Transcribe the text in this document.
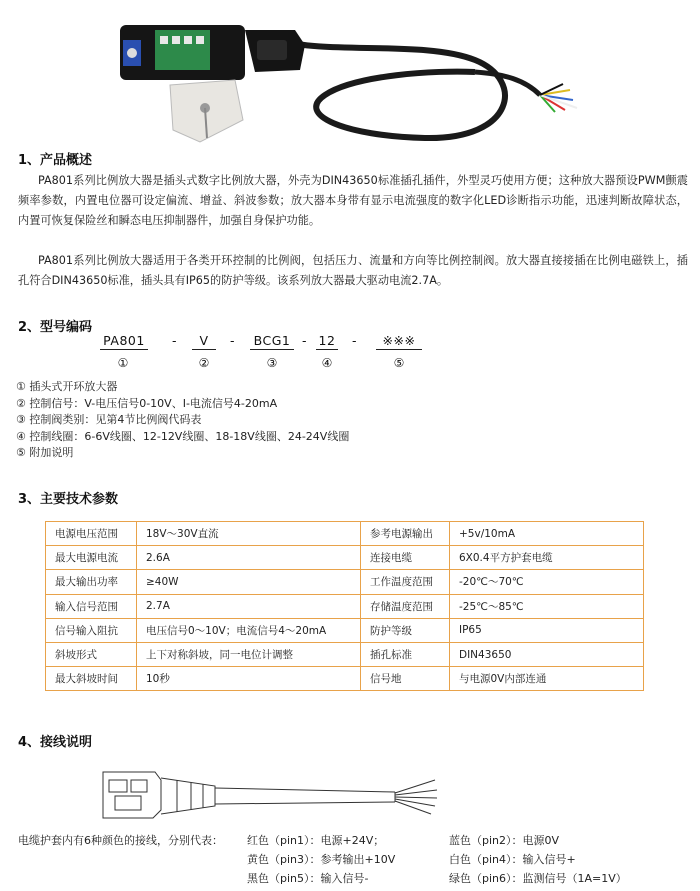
1、产品概述
PA801系列比例放大器是插头式数字比例放大器，外壳为DIN43650标准插孔插件，外型灵巧使用方便；这种放大器预设PWM颤震频率参数，内置电位器可设定偏流、增益、斜波参数；放大器本身带有显示电流强度的数字化LED诊断指示功能，迅速判断故障状态，内置可恢复保险丝和瞬态电压抑制器件，加强自身保护功能。
PA801系列比例放大器适用于各类开环控制的比例阀，包括压力、流量和方向等比例控制阀。放大器直接接插在比例电磁铁上，插孔符合DIN43650标准，插头具有IP65的防护等级。该系列放大器最大驱动电流2.7A。
2、型号编码
PA801 -	V	- BCG1 - 12 -	※※※
①	②	③	④	⑤
① 插头式开环放大器
② 控制信号：V-电压信号0-10V、I-电流信号4-20mA
③ 控制阀类别：见第4节比例阀代码表
④ 控制线圈：6-6V线圈、12-12V线圈、18-18V线圈、24-24V线圈
⑤ 附加说明
3、主要技术参数
电源电压范围	18V～30V直流	参考电源输出	+5v/10mA
最大电源电流	2.6A	连接电缆	6X0.4平方护套电缆
最大输出功率	≥40W	工作温度范围	-20℃～70℃
输入信号范围	2.7A	存储温度范围	-25℃～85℃
信号输入阻抗	电压信号0～10V；电流信号4～20mA	防护等级	IP65
斜坡形式	上下对称斜坡，同一电位计调整	插孔标准	DIN43650
最大斜坡时间	10秒	信号地	与电源0V内部连通
4、接线说明
电缆护套内有6种颜色的接线，分别代表： 红色（pin1）：电源+24V；	蓝色（pin2）：电源0V
黄色（pin3）：参考输出+10V	白色（pin4）：输入信号+
黑色（pin5）：输入信号-	绿色（pin6）：监测信号（1A=1V）
